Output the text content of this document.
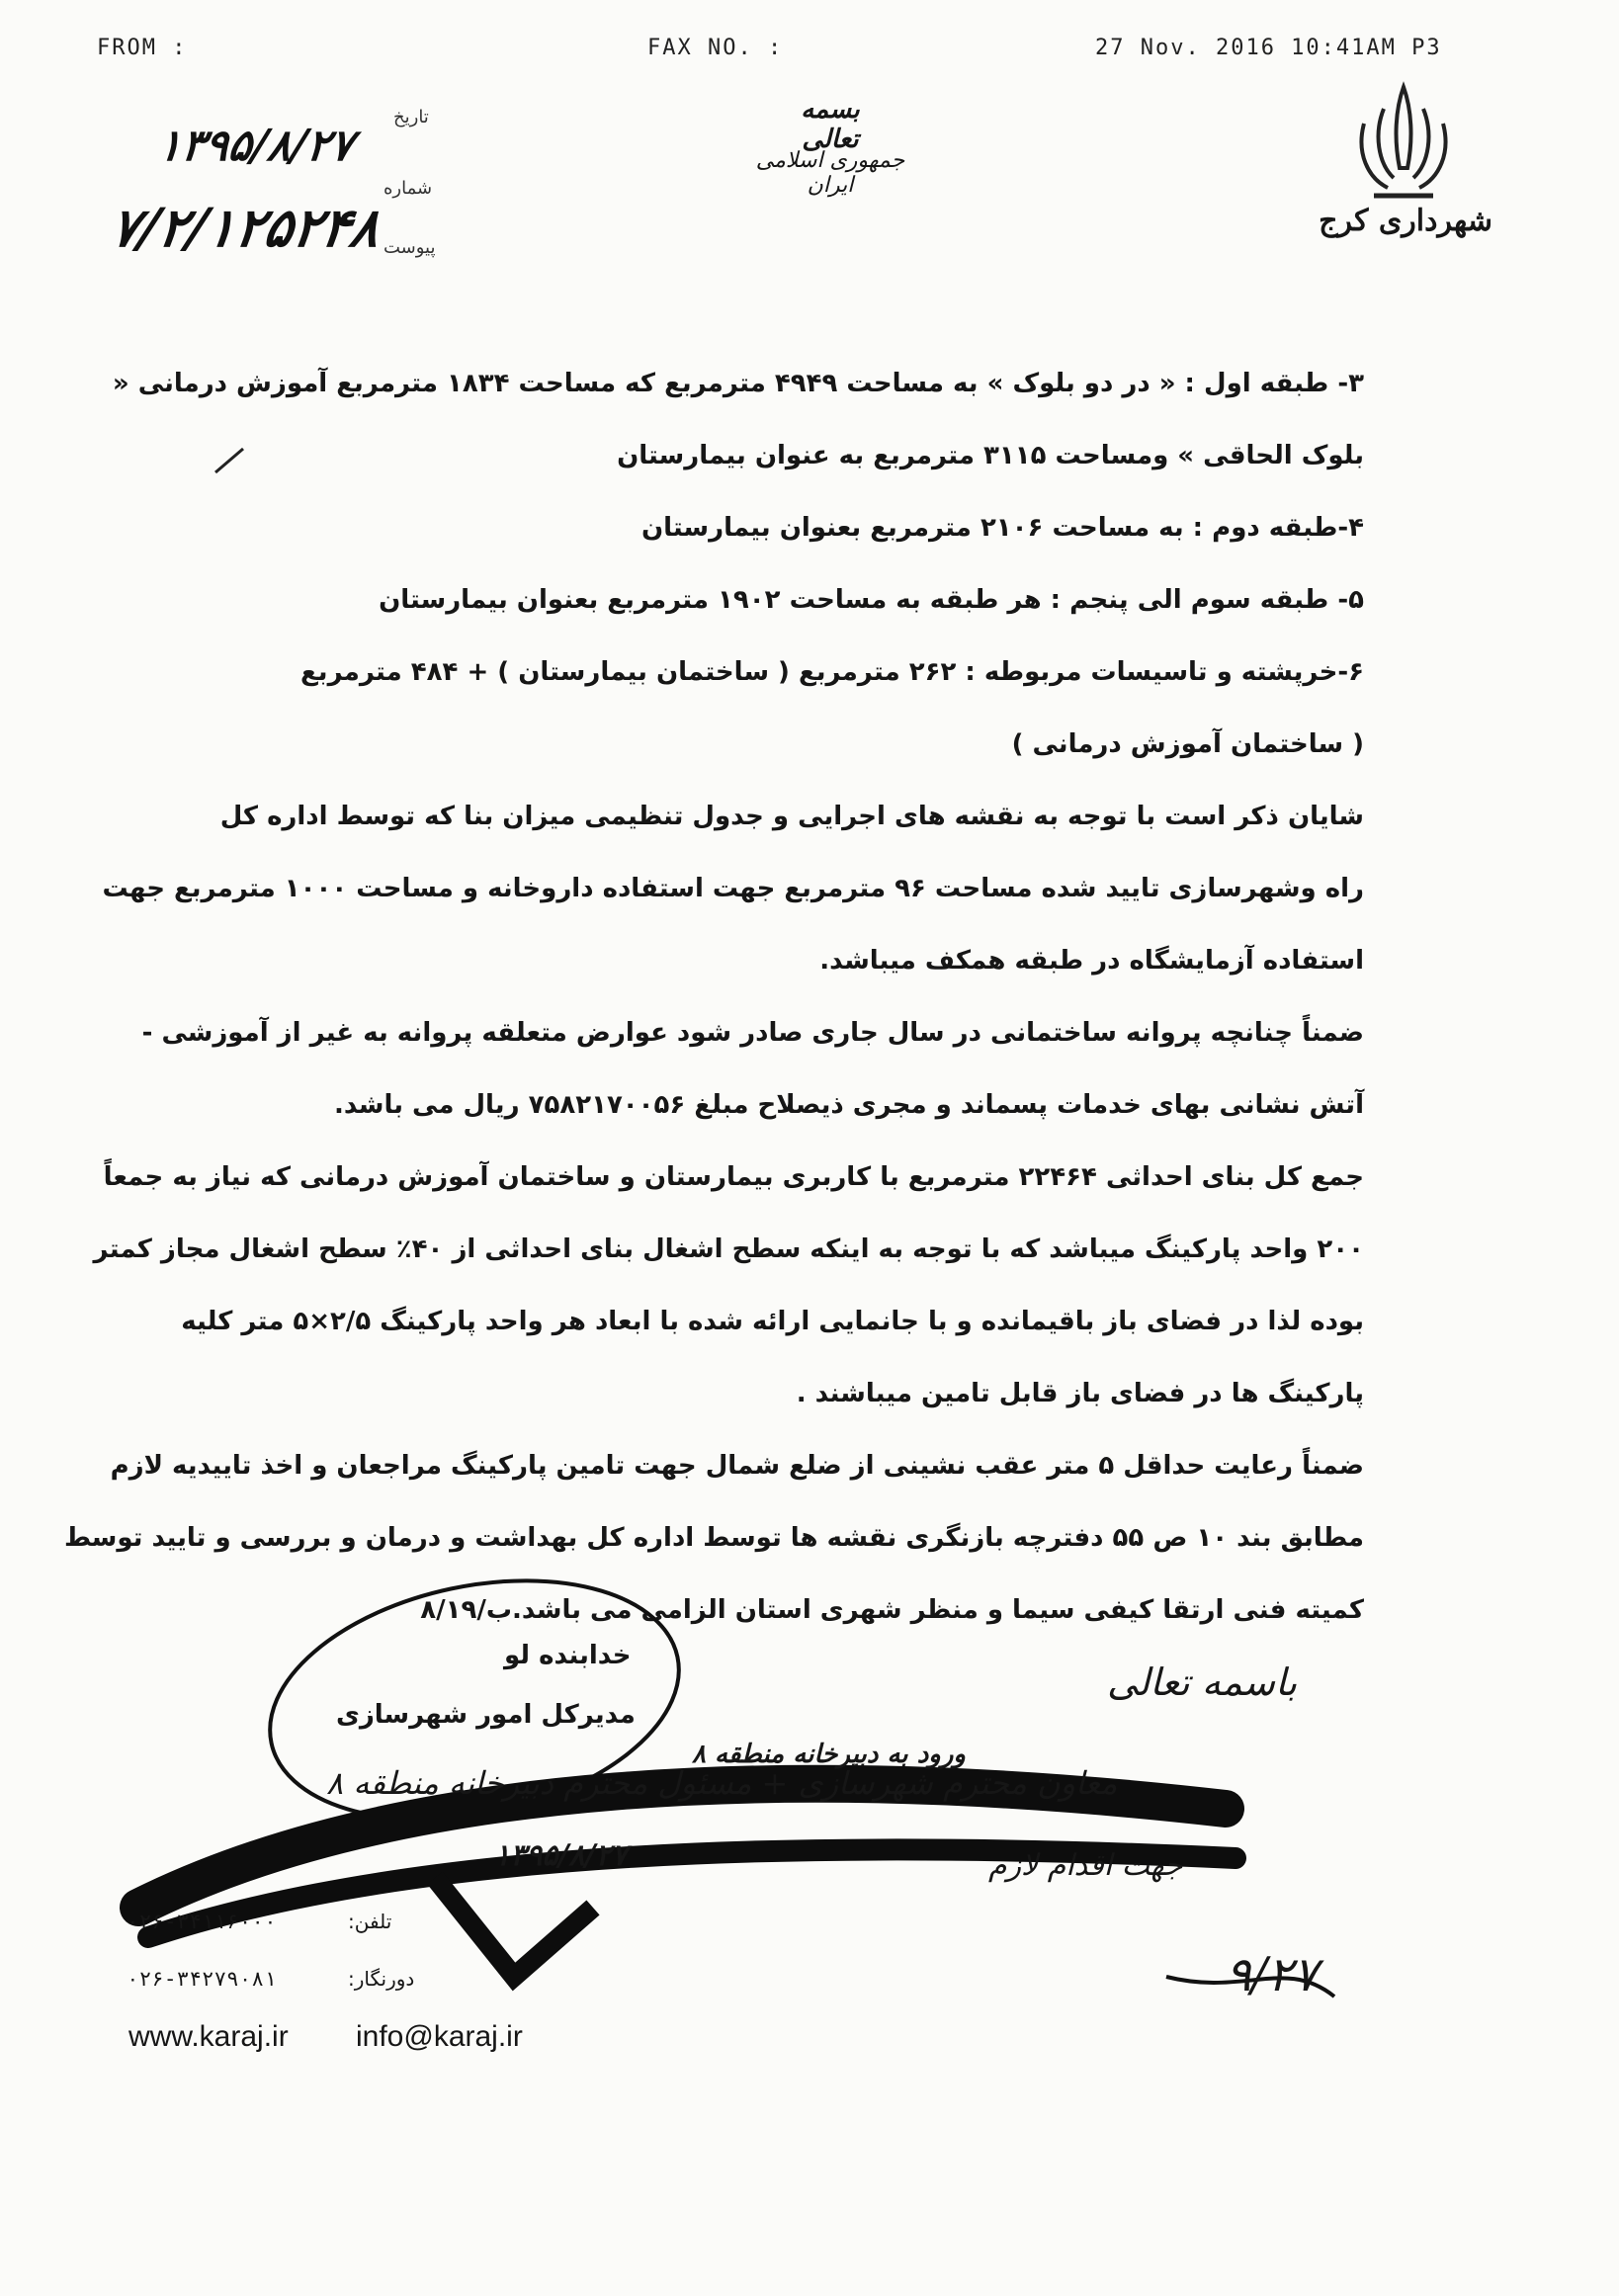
FROM :	FAX NO. :	27 Nov. 2016 10:41AM P3
بسمه تعالی
جمهوری اسلامی ایران
شهرداری کرج
تاریخ
شماره
پیوست
۱۳۹۵/۸/۲۷
۷/۲/۱۲۵۲۴۸
۳- طبقه اول : « در دو بلوک » به مساحت ۴۹۴۹ مترمربع که مساحت ۱۸۳۴ مترمربع آموزش درمانی «
بلوک الحاقی » ومساحت ۳۱۱۵ مترمربع به عنوان بیمارستان
۴-طبقه دوم : به مساحت ۲۱۰۶ مترمربع بعنوان بیمارستان
۵- طبقه سوم الی پنجم : هر طبقه به مساحت ۱۹۰۲ مترمربع بعنوان بیمارستان
۶-خرپشته و تاسیسات مربوطه : ۲۶۲ مترمربع ( ساختمان بیمارستان ) + ۴۸۴ مترمربع
( ساختمان آموزش درمانی )
شایان ذکر است با توجه به نقشه های اجرایی و جدول تنظیمی میزان بنا که توسط اداره کل
راه وشهرسازی تایید شده مساحت ۹۶ مترمربع جهت استفاده داروخانه و مساحت ۱۰۰۰ مترمربع جهت
استفاده آزمایشگاه در طبقه همکف میباشد.
ضمناً چنانچه پروانه ساختمانی در سال جاری صادر شود عوارض متعلقه پروانه به غیر از آموزشی -
آتش نشانی بهای خدمات پسماند و مجری ذیصلاح مبلغ ۷۵۸۲۱۷۰۰۵۶ ریال می باشد.
جمع کل بنای احداثی ۲۲۴۶۴ مترمربع با کاربری بیمارستان و ساختمان آموزش درمانی که نیاز به جمعاً
۲۰۰ واحد پارکینگ میباشد که با توجه به اینکه سطح اشغال بنای احداثی از ۴۰٪ سطح اشغال مجاز کمتر
بوده لذا در فضای باز باقیمانده و با جانمایی ارائه شده با ابعاد هر واحد پارکینگ ۲/۵×۵ متر کلیه
پارکینگ ها در فضای باز قابل تامین میباشند .
ضمناً رعایت حداقل ۵ متر عقب نشینی از ضلع شمال جهت تامین پارکینگ مراجعان و اخذ تاییدیه لازم
مطابق بند ۱۰ ص ۵۵ دفترچه بازنگری نقشه ها توسط اداره کل بهداشت و درمان و بررسی و تایید توسط
کمیته فنی ارتقا کیفی سیما و منظر شهری استان الزامی می باشد.ب/۸/۱۹
خدابنده لو
مدیرکل امور شهرسازی
باسمه تعالی
معاون محترم شهرسازی + مسئول محترم دبیرخانه منطقه ۸
۱۳۹۵/۸/۲۷	جهت اقدام لازم
ورود به دبیرخانه منطقه ۸
۹/۲۷
۰۲۶-۳۴۱۱۶۰۰۰	تلفن:
۰۲۶-۳۴۲۷۹۰۸۱	دورنگار:
www.karaj.ir info@karaj.ir
